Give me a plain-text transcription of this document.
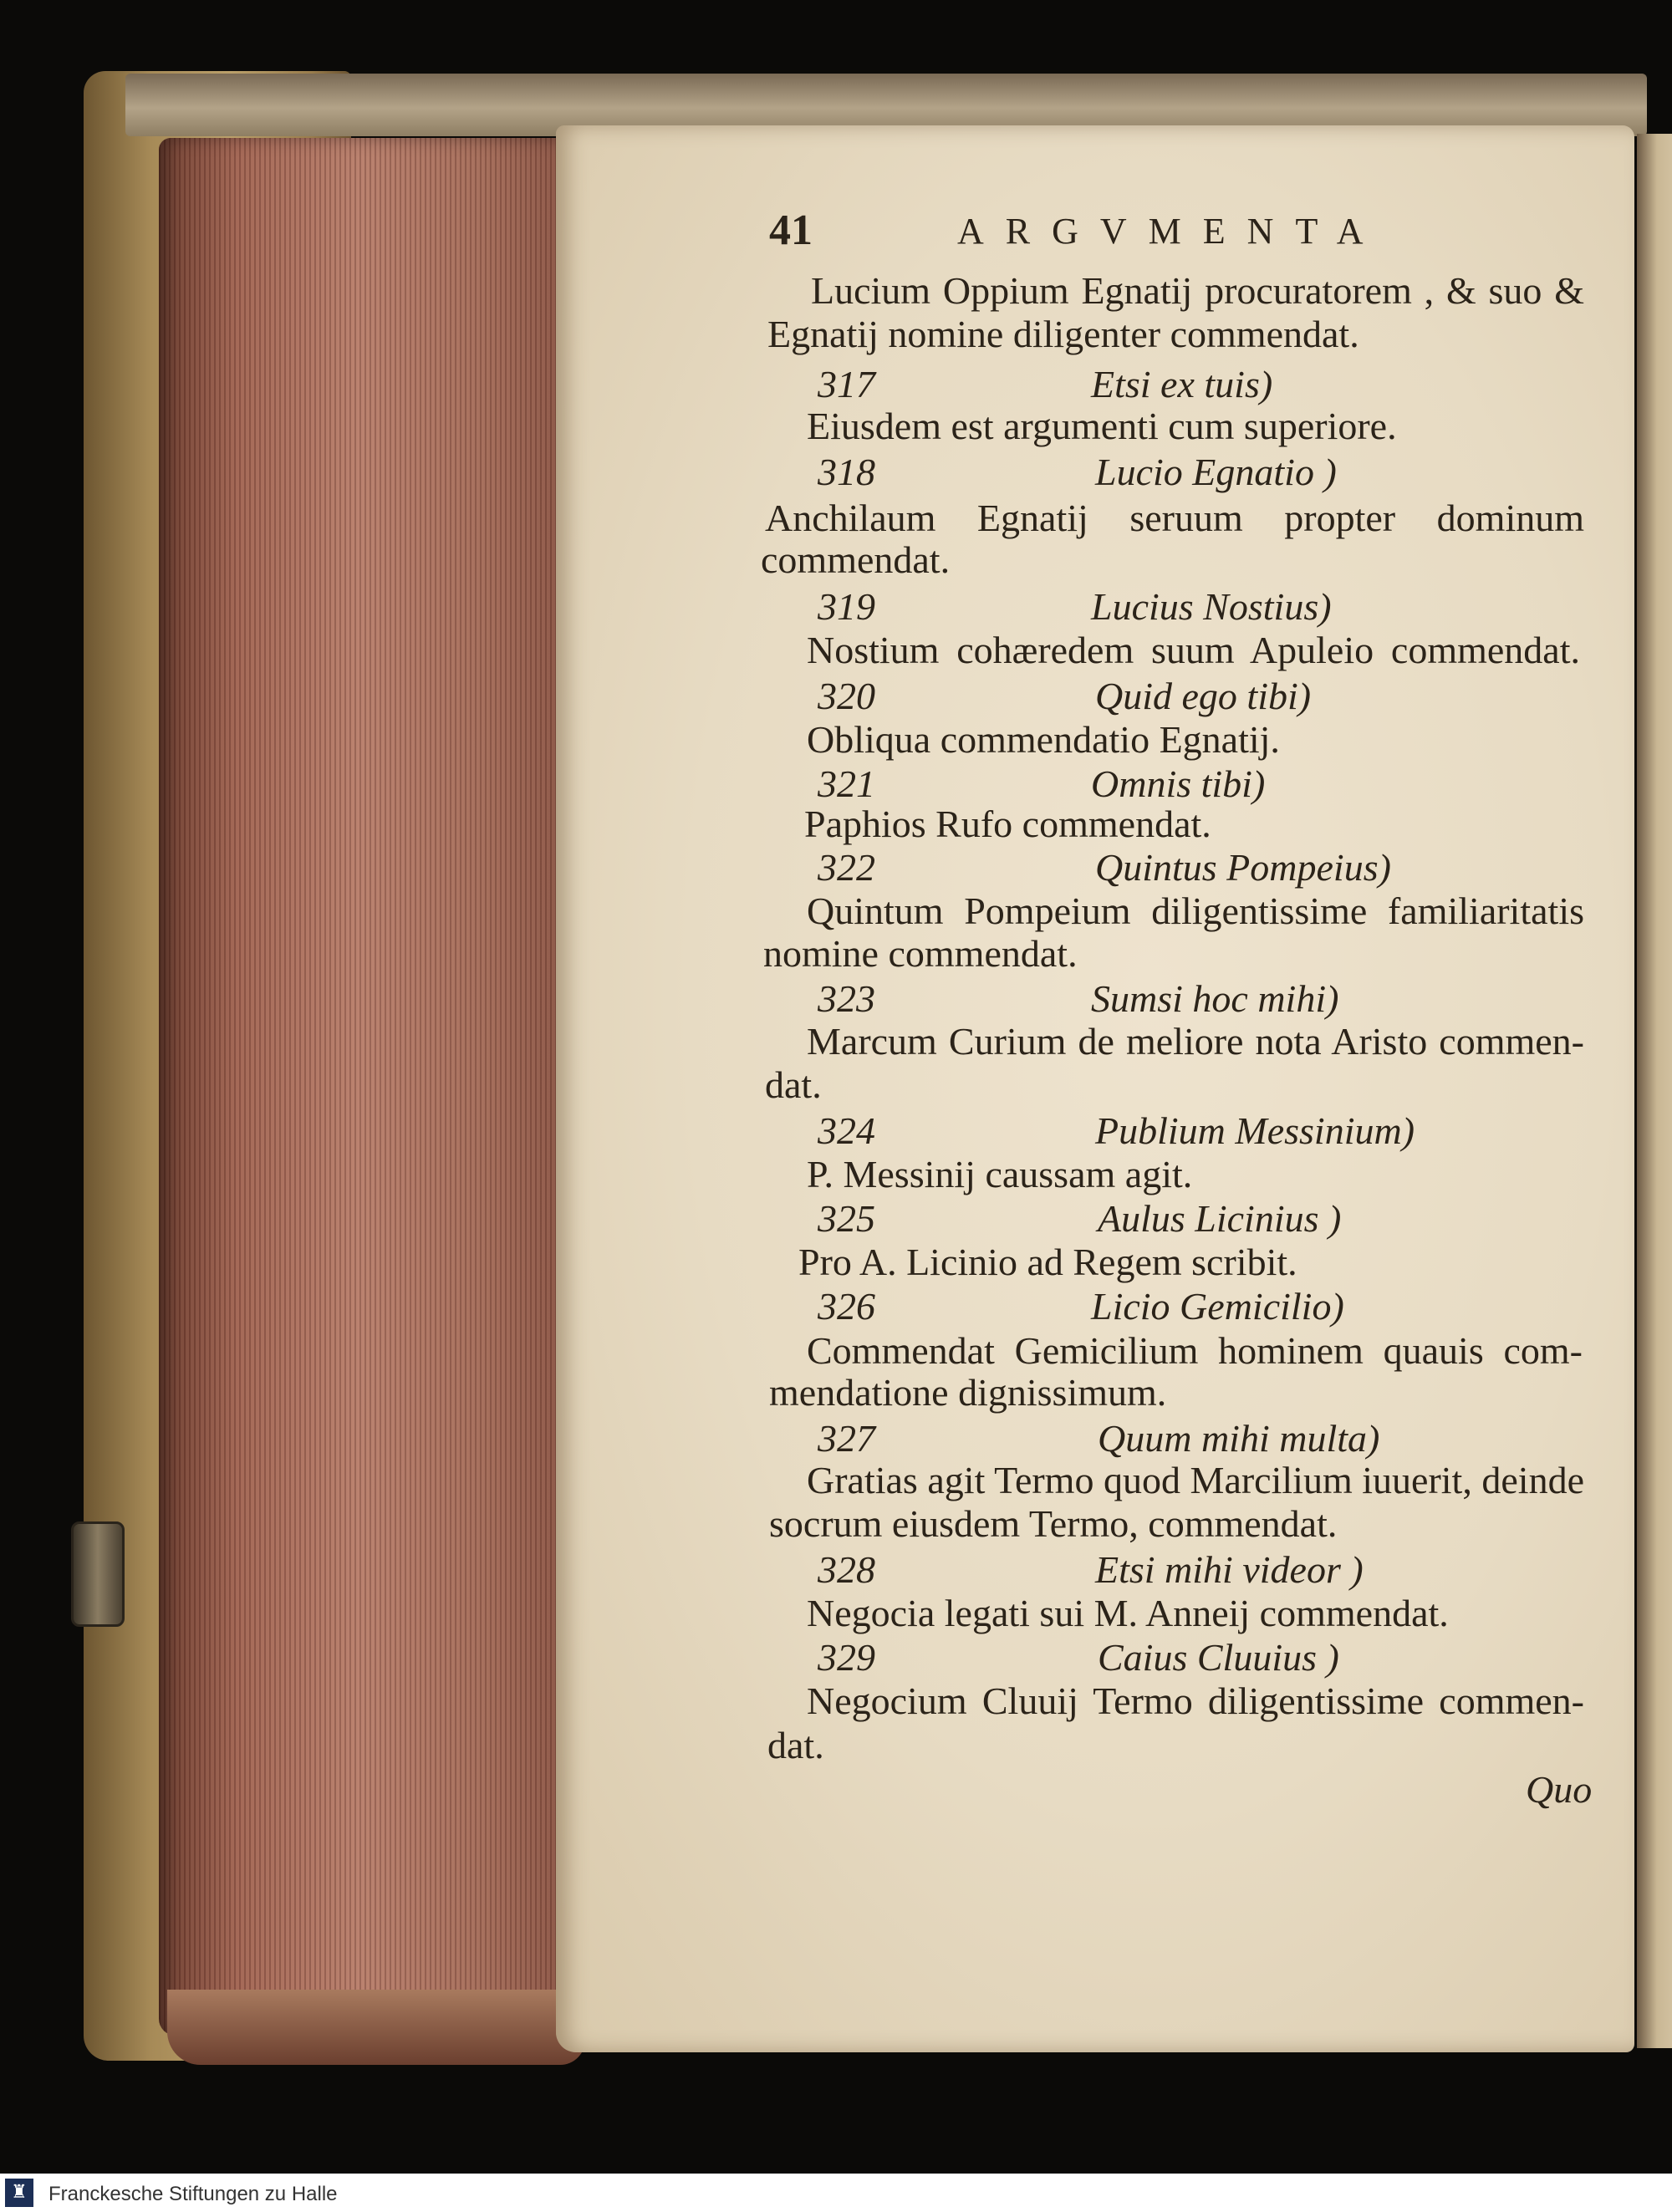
41	ARGVMENTA
Lucium Oppium Egnatij procuratorem , & suo &
Egnatij nomine diligenter commendat.
317	Etsi ex tuis)
Eiusdem est argumenti cum superiore.
318	Lucio Egnatio )
Anchilaum Egnatij seruum propter dominum
commendat.
319	Lucius Nostius)
Nostium cohæredem suum Apuleio commendat.
320	Quid ego tibi)
Obliqua commendatio Egnatij.
321	Omnis tibi)
Paphios Rufo commendat.
322	Quintus Pompeius)
Quintum Pompeium diligentissime familiaritatis
nomine commendat.
323	Sumsi hoc mihi)
Marcum Curium de meliore nota Aristo commen-
dat.
324	Publium Messinium)
P. Messinij caussam agit.
325	Aulus Licinius )
Pro A. Licinio ad Regem scribit.
326	Licio Gemicilio)
Commendat Gemicilium hominem quauis com-
mendatione dignissimum.
327	Quum mihi multa)
Gratias agit Termo quod Marcilium iuuerit, deinde
socrum eiusdem Termo, commendat.
328	Etsi mihi videor )
Negocia legati sui M. Anneij commendat.
329	Caius Cluuius )
Negocium Cluuij Termo diligentissime commen-
dat.
Quo
♜ Franckesche Stiftungen zu Halle
